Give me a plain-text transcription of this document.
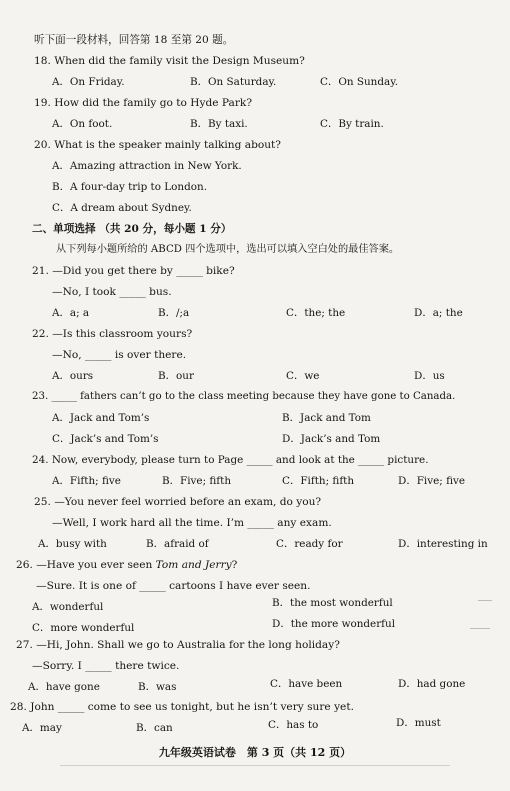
听下面一段材料，回答第 18 至第 20 题。
18. When did the family visit the Design Museum?
A．On Friday.	B．On Saturday.	C．On Sunday.
19. How did the family go to Hyde Park?
A．On foot.	B．By taxi.	C．By train.
20. What is the speaker mainly talking about?
A．Amazing attraction in New York.
B．A four-day trip to London.
C．A dream about Sydney.
二、单项选择 （共 20 分，每小题 1 分）
从下列每小题所给的 ABCD 四个选项中，选出可以填入空白处的最佳答案。
21. —Did you get there by _____ bike?
—No, I took _____ bus.
A．a; a	B．/;a	C．the; the	D．a; the
22. —Is this classroom yours?
—No, _____ is over there.
A．ours	B．our	C．we	D．us
23. _____ fathers can’t go to the class meeting because they have gone to Canada.
A．Jack and Tom’s	B．Jack and Tom
C．Jack’s and Tom’s	D．Jack’s and Tom
24. Now, everybody, please turn to Page _____ and look at the _____ picture.
A．Fifth; five	B．Five; fifth	C．Fifth; fifth	D．Five; five
25. —You never feel worried before an exam, do you?
—Well, I work hard all the time. I’m _____ any exam.
A．busy with	B．afraid of	C．ready for	D．interesting in
26. —Have you ever seen Tom and Jerry?
—Sure. It is one of _____ cartoons I have ever seen.
A．wonderful	B．the most wonderful
C．more wonderful	D．the more wonderful
27. —Hi, John. Shall we go to Australia for the long holiday?
—Sorry. I _____ there twice.
A．have gone	B．was	C．have been	D．had gone
28. John _____ come to see us tonight, but he isn’t very sure yet.
A．may	B．can	C．has to	D．must
九年级英语试卷　第 3 页（共 12 页）
